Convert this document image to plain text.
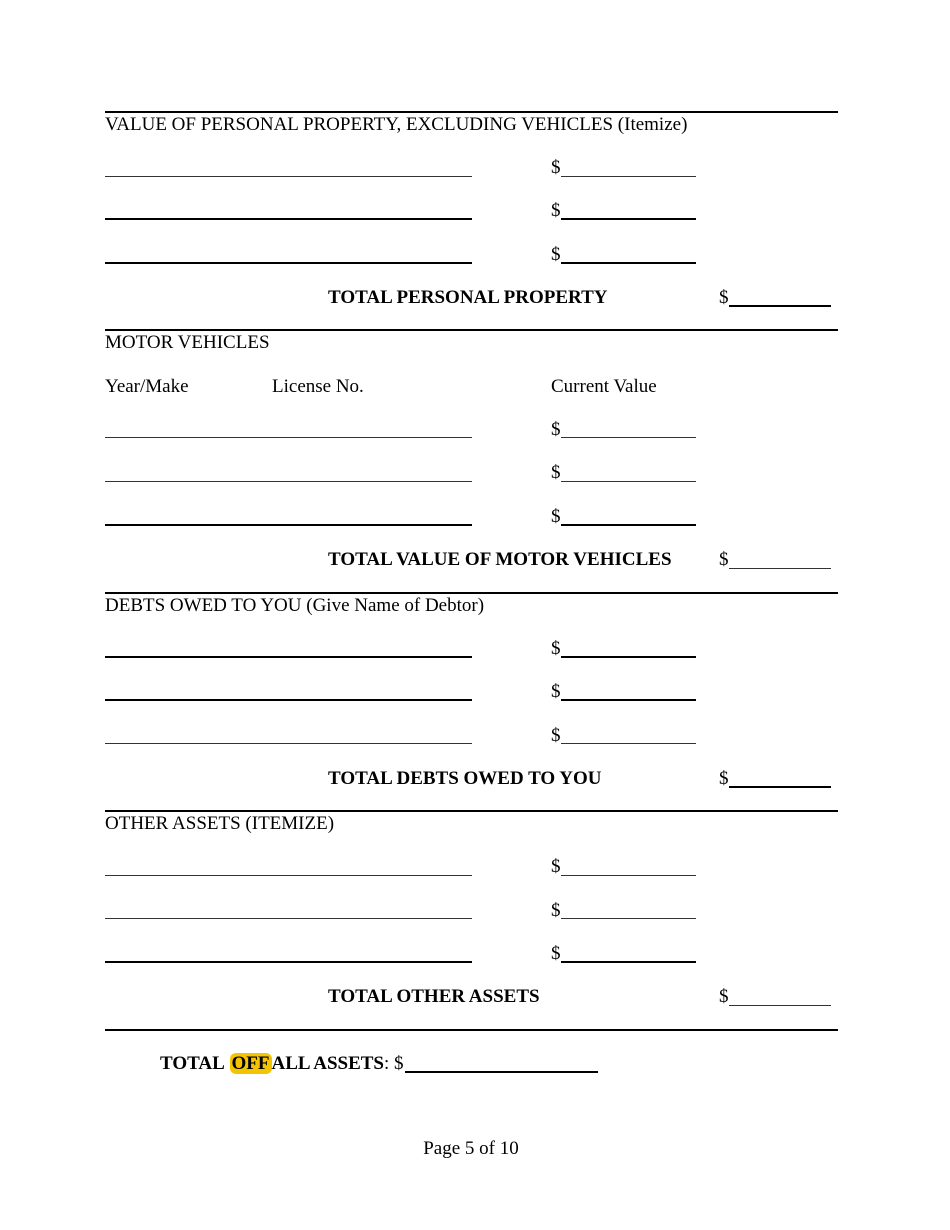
VALUE OF PERSONAL PROPERTY, EXCLUDING VEHICLES (Itemize)
$
$
$
TOTAL PERSONAL PROPERTY	$
MOTOR VEHICLES
Year/Make	License No.	Current Value
$
$
$
TOTAL VALUE OF MOTOR VEHICLES $
DEBTS OWED TO YOU (Give Name of Debtor)
$
$
$
TOTAL DEBTS OWED TO YOU	$
OTHER ASSETS (ITEMIZE)
$
$
$
TOTAL OTHER ASSETS	$
TOTAL OFF ALL ASSETS: $
Page 5 of 10
